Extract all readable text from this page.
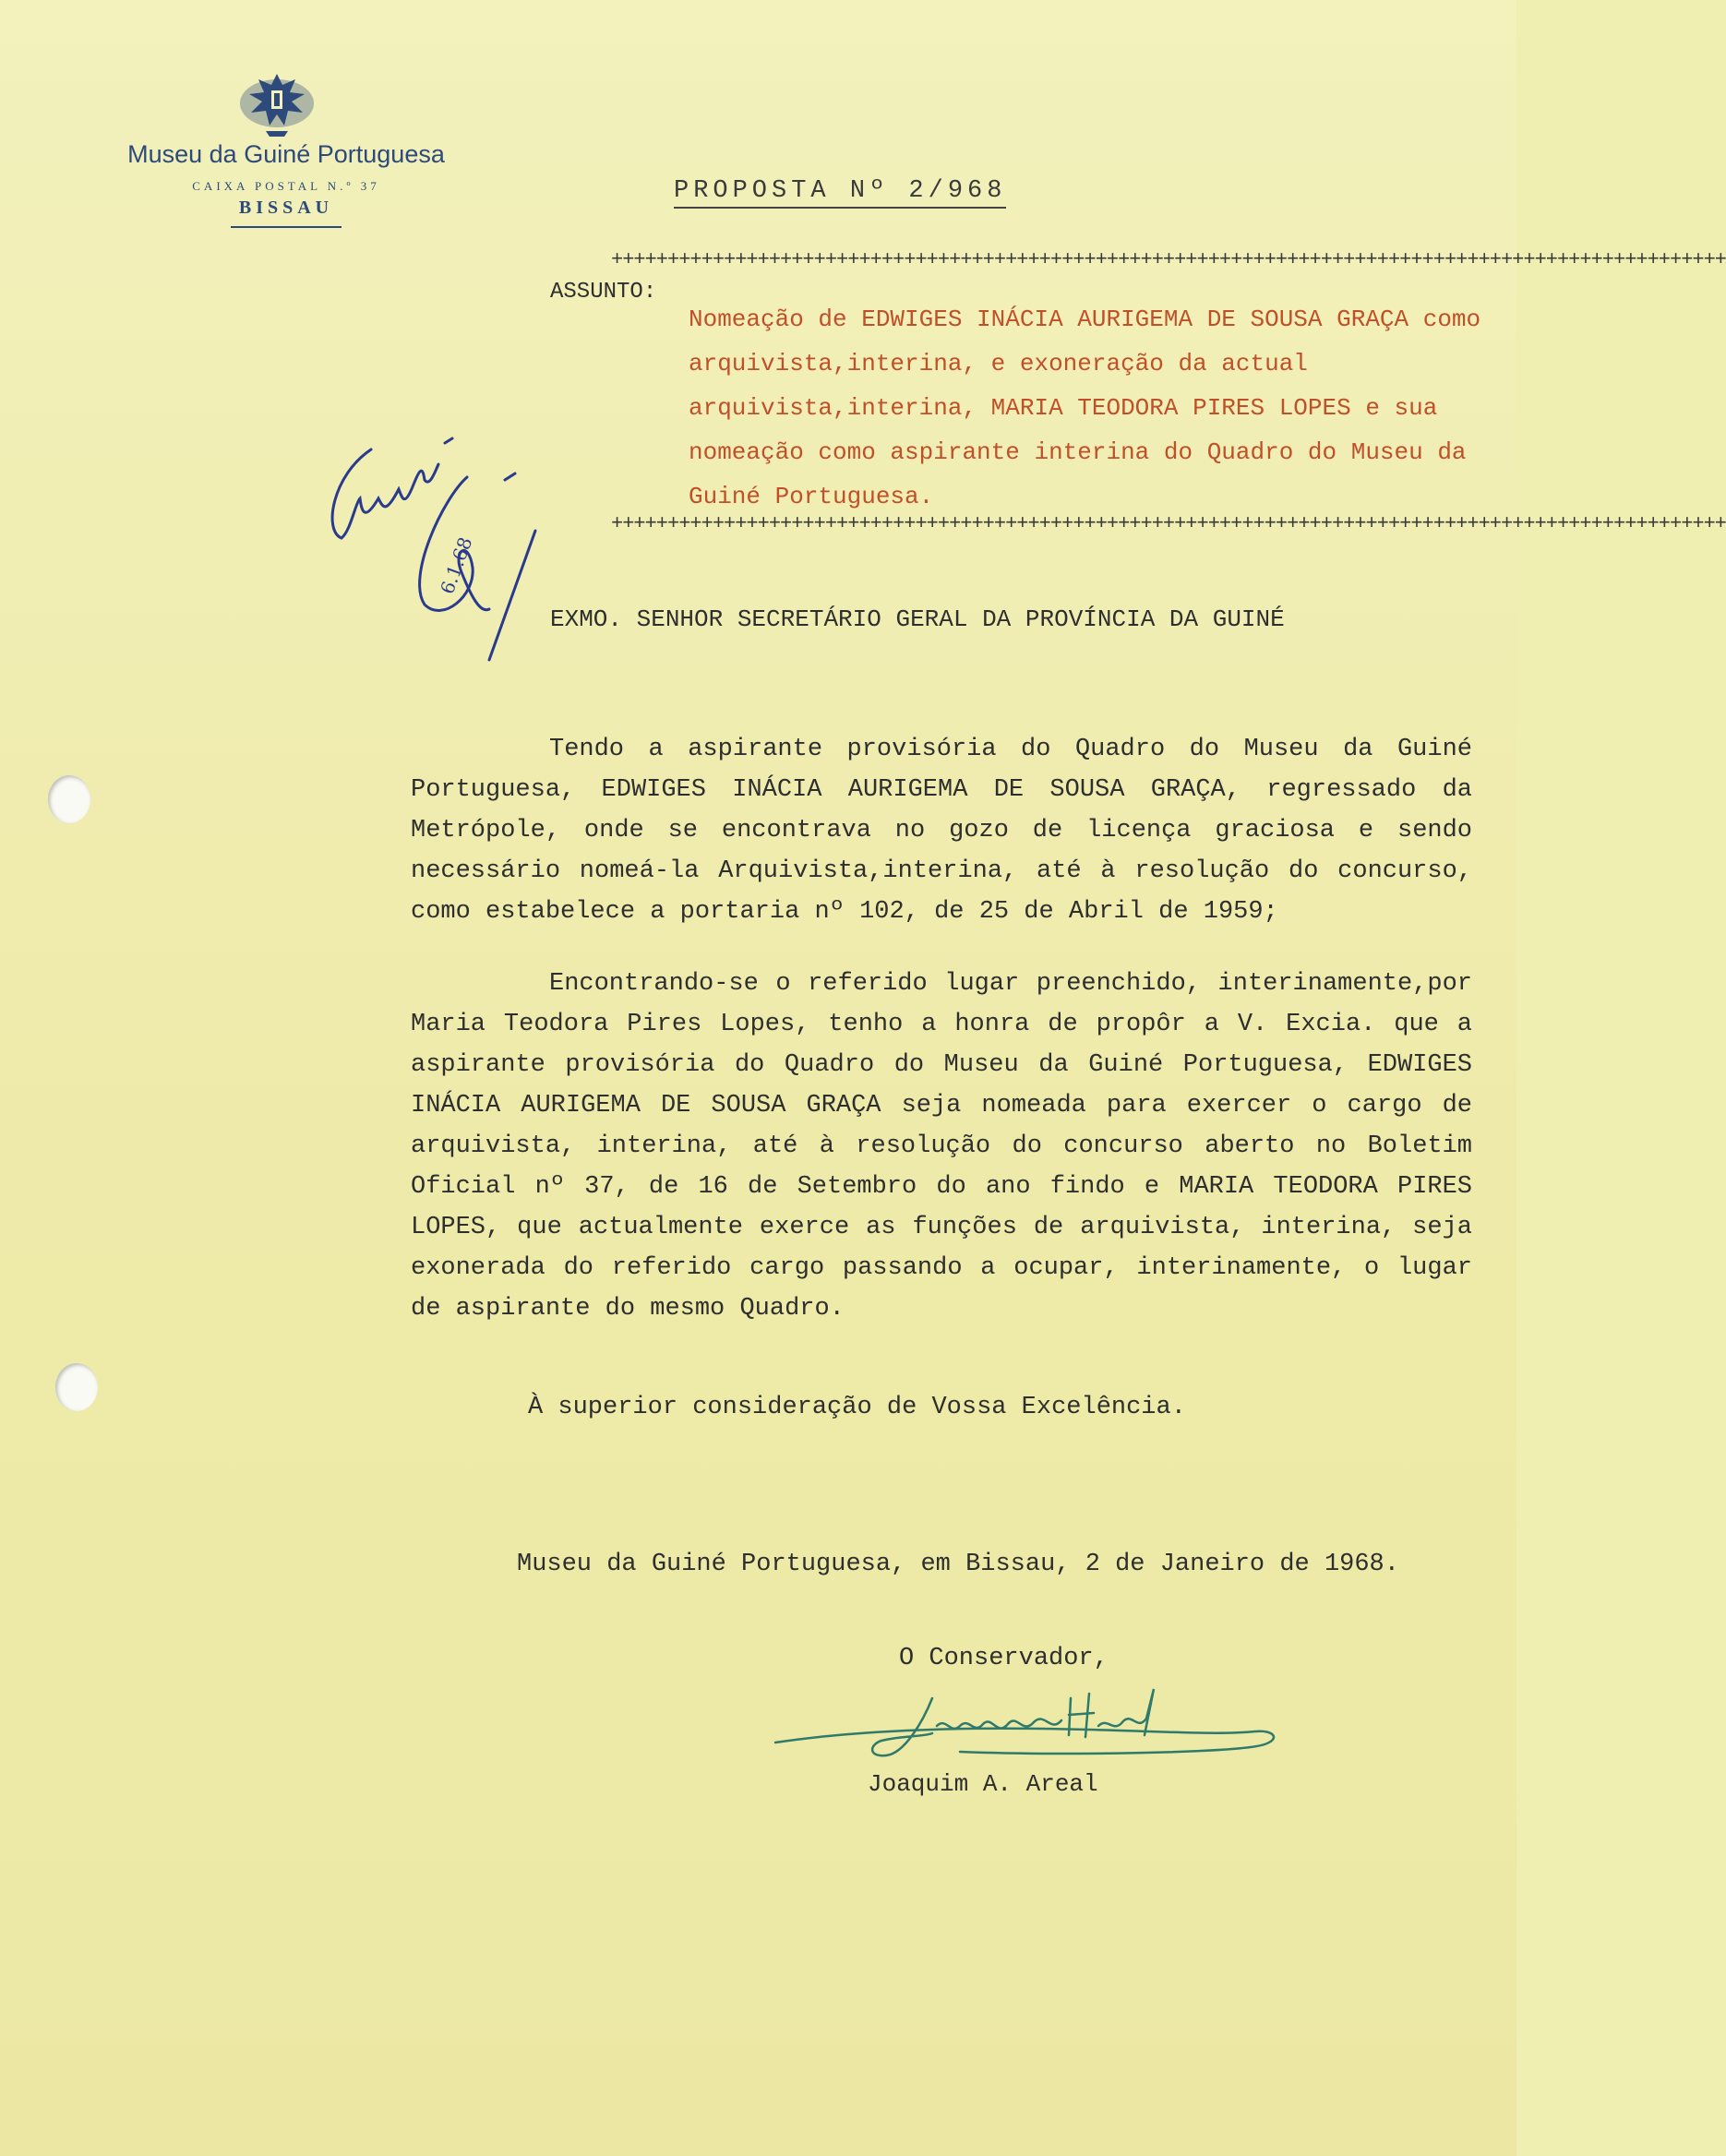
Museu da Guiné Portuguesa
CAIXA POSTAL N.º 37
BISSAU
PROPOSTA Nº 2/968
+++++++++++++++++++++++++++++++++++++++++++++++++++++++++++++++++++++++++++++++++++++++++++++++++++
ASSUNTO:
Nomeação de EDWIGES INÁCIA AURIGEMA DE SOUSA GRAÇA como arquivista,interina, e exoneração da actual arquivista,interina, MARIA TEODORA PIRES LOPES e sua nomeação como aspirante interina do Quadro do Museu da Guiné Portuguesa.
+++++++++++++++++++++++++++++++++++++++++++++++++++++++++++++++++++++++++++++++++++++++++++++++++++
6.1.68
EXMO. SENHOR SECRETÁRIO GERAL DA PROVÍNCIA DA GUINÉ

Tendo a aspirante provisória do Quadro do Museu da Guiné Portuguesa, EDWIGES INÁCIA AURIGEMA DE SOUSA GRAÇA, regressado da Metrópole, onde se encontrava no gozo de licença graciosa e sendo necessário nomeá-la Arquivista,interina, até à resolução do concurso, como estabelece a portaria nº 102, de 25 de Abril de 1959;

Encontrando-se o referido lugar preenchido, interinamente,por Maria Teodora Pires Lopes, tenho a honra de propôr a V. Excia. que a aspirante provisória do Quadro do Museu da Guiné Portuguesa, EDWIGES INÁCIA AURIGEMA DE SOUSA GRAÇA seja nomeada para exercer o cargo de arquivista, interina, até à resolução do concurso aberto no Boletim Oficial nº 37, de 16 de Setembro do ano findo e MARIA TEODORA PIRES LOPES, que actualmente exerce as funções de arquivista, interina, seja exonerada do referido cargo passando a ocupar, interinamente, o lugar de aspirante do mesmo Quadro.

À superior consideração de Vossa Excelência.
Museu da Guiné Portuguesa, em Bissau, 2 de Janeiro de 1968.
O Conservador,
Joaquim A. Areal
